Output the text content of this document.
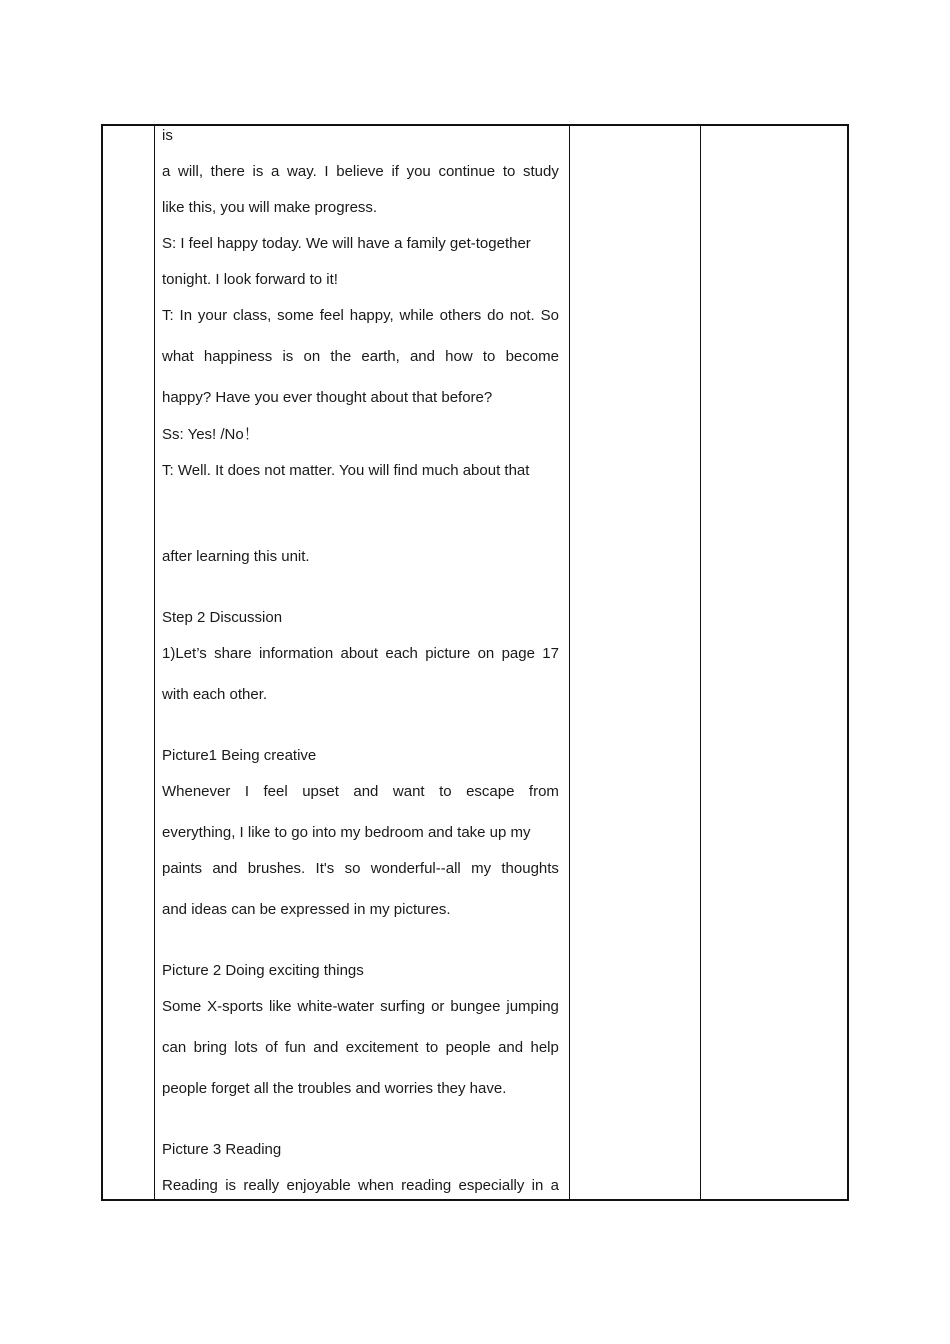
is
a will, there is a way. I believe if you continue to study
like this, you will make progress.
S: I feel happy today. We will have a family get-together
tonight. I look forward to it!
T: In your class, some feel happy, while others do not. So
what happiness is on the earth, and how to become
happy? Have you ever thought about that before?
Ss: Yes! /No！
T: Well. It does not matter. You will find much about that
after learning this unit.
Step 2 Discussion
1)Let’s share information about each picture on page 17
with each other.
Picture1 Being creative
Whenever I feel upset and want to escape from
everything, I like to go into my bedroom and take up my
paints and brushes. It's so wonderful--all my thoughts
and ideas can be expressed in my pictures.
Picture 2 Doing exciting things
Some X-sports like white-water surfing or bungee jumping
can bring lots of fun and excitement to people and help
people forget all the troubles and worries they have.
Picture 3 Reading
Reading is really enjoyable when reading especially in a
